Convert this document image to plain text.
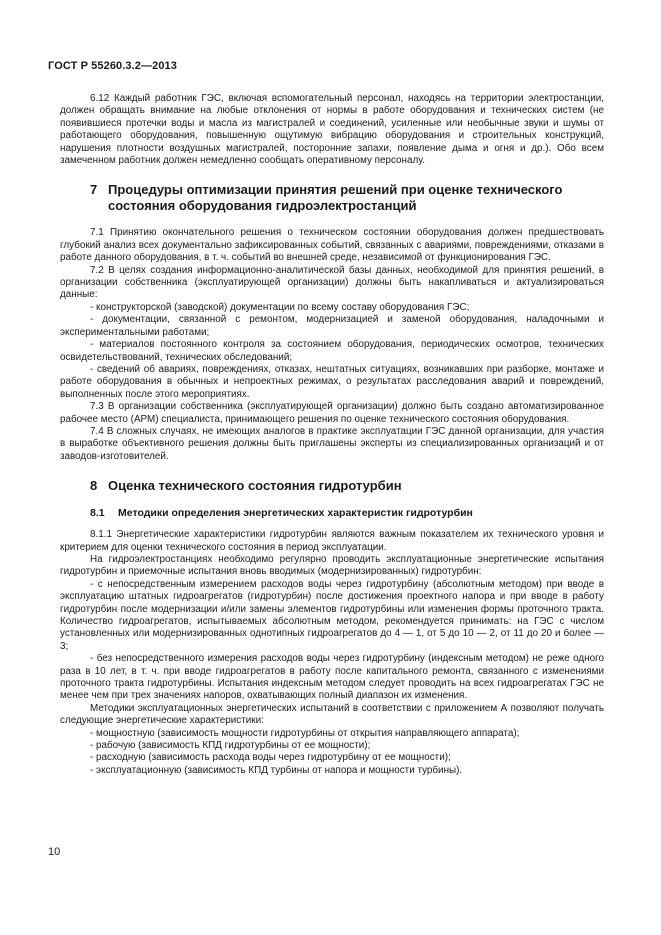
ГОСТ Р 55260.3.2—2013

6.12 Каждый работник ГЭС, включая вспомогательный персонал, находясь на территории электростанции, должен обращать внимание на любые отклонения от нормы в работе оборудования и технических систем (не появившиеся протечки воды и масла из магистралей и соединений, усиленные или необычные звуки и шумы от работающего оборудования, повышенную ощутимую вибрацию оборудования и строительных конструкций, нарушения плотности воздушных магистралей, посторонние запахи, появление дыма и огня и др.). Обо всем замеченном работник должен немедленно сообщать оперативному персоналу.

7 Процедуры оптимизации принятия решений при оценке технического
состояния оборудования гидроэлектростанций

7.1 Принятию окончательного решения о техническом состоянии оборудования должен предшествовать глубокий анализ всех документально зафиксированных событий, связанных с авариями, повреждениями, отказами в работе данного оборудования, в т. ч. событий во внешней среде, независимой от функционирования ГЭС.

7.2 В целях создания информационно-аналитической базы данных, необходимой для принятия решений, в организации собственника (эксплуатирующей организации) должны быть накапливаться и актуализироваться данные:

- конструкторской (заводской) документации по всему составу оборудования ГЭС;

- документации, связанной с ремонтом, модернизацией и заменой оборудования, наладочными и экспериментальными работами;

- материалов постоянного контроля за состоянием оборудования, периодических осмотров, технических освидетельствований, технических обследований;

- сведений об авариях, повреждениях, отказах, нештатных ситуациях, возникавших при разборке, монтаже и работе оборудования в обычных и непроектных режимах, о результатах расследования аварий и повреждений, выполненных после этого мероприятиях.

7.3 В организации собственника (эксплуатирующей организации) должно быть создано автоматизированное рабочее место (АРМ) специалиста, принимающего решения по оценке технического состояния оборудования.

7.4 В сложных случаях, не имеющих аналогов в практике эксплуатации ГЭС данной организации, для участия в выработке объективного решения должны быть приглашены эксперты из специализированных организаций и от заводов-изготовителей.

8 Оценка технического состояния гидротурбин
8.1 Методики определения энергетических характеристик гидротурбин

8.1.1 Энергетические характеристики гидротурбин являются важным показателем их технического уровня и критерием для оценки технического состояния в период эксплуатации.

На гидроэлектростанциях необходимо регулярно проводить эксплуатационные энергетические испытания гидротурбин и приемочные испытания вновь вводимых (модернизированных) гидротурбин:

- с непосредственным измерением расходов воды через гидротурбину (абсолютным методом) при вводе в эксплуатацию штатных гидроагрегатов (гидротурбин) после достижения проектного напора и при вводе в работу гидротурбин после модернизации и/или замены элементов гидротурбины или изменения формы проточного тракта. Количество гидроагрегатов, испытываемых абсолютным методом, рекомендуется принимать: на ГЭС с числом установленных или модернизированных однотипных гидроагрегатов до 4 — 1, от 5 до 10 — 2, от 11 до 20 и более — 3;

- без непосредственного измерения расходов воды через гидротурбину (индексным методом) не реже одного раза в 10 лет, в т. ч. при вводе гидроагрегатов в работу после капитального ремонта, связанного с изменениями проточного тракта гидротурбины. Испытания индексным методом следует проводить на всех гидроагрегатах ГЭС не менее чем при трех значениях напоров, охватывающих полный диапазон их изменения.

Методики эксплуатационных энергетических испытаний в соответствии с приложением А позволяют получать следующие энергетические характеристики:

- мощностную (зависимость мощности гидротурбины от открытия направляющего аппарата);

- рабочую (зависимость КПД гидротурбины от ее мощности);

- расходную (зависимость расхода воды через гидротурбину от ее мощности);

- эксплуатационную (зависимость КПД турбины от напора и мощности турбины).

10
